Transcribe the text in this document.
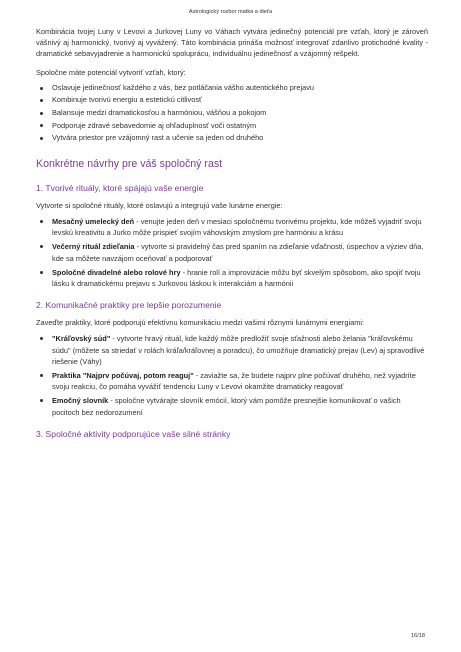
Astrologický rozbor matka a dieťa

Kombinácia tvojej Luny v Levovi a Jurkovej Luny vo Váhach vytvára jedinečný potenciál pre vzťah, ktorý je zároveň vášnivý aj harmonický, tvorivý aj vyvážený. Táto kombinácia prináša možnosť integrovať zdanlivo protichodné kvality - dramatické sebavyjadrenie a harmonickú spoluprácu, individuálnu jedinečnosť a vzájomný rešpekt.

Spoločne máte potenciál vytvoriť vzťah, ktorý:

Oslavuje jedinečnosť každého z vás, bez potláčania vášho autentického prejavu
Kombinuje tvorivú energiu a estetickú citlivosť
Balansuje medzi dramatickosťou a harmóniou, vášňou a pokojom
Podporuje zdravé sebavedomie aj ohľaduplnosť voči ostatným
Vytvára priestor pre vzájomný rast a učenie sa jeden od druhého
Konkrétne návrhy pre váš spoločný rast
1. Tvorivé rituály, ktoré spájajú vaše energie

Vytvorte si spoločné rituály, ktoré oslavujú a integrujú vaše lunárne energie:

Mesačný umelecký deň - venujte jeden deň v mesiaci spoločnému tvorivému projektu, kde môžeš vyjadriť svoju levskú kreativitu a Jurko môže prispieť svojím váhovským zmyslom pre harmóniu a krásu
Večerný rituál zdieľania - vytvorte si pravidelný čas pred spaním na zdieľanie vďačnosti, úspechov a výziev dňa, kde sa môžete navzájom oceňovať a podporovať
Spoločné divadelné alebo rolové hry - hranie rolí a improvizácie môžu byť skvelým spôsobom, ako spojiť tvoju lásku k dramatickému prejavu s Jurkovou láskou k interakciám a harmónii
2. Komunikačné praktiky pre lepšie porozumenie

Zaveďte praktiky, ktoré podporujú efektívnu komunikáciu medzi vašimi rôznymi lunárnymi energiami:

"Kráľovský súd" - vytvorte hravý rituál, kde každý môže predložiť svoje sťažnosti alebo želania "kráľovskému súdu" (môžete sa striedať v rolách kráľa/kráľovnej a poradcu), čo umožňuje dramatický prejav (Lev) aj spravodlivé riešenie (Váhy)
Praktika "Najprv počúvaj, potom reaguj" - zaviažte sa, že budete najprv plne počúvať druhého, než vyjadríte svoju reakciu, čo pomáha vyvážiť tendenciu Luny v Levovi okamžite dramaticky reagovať
Emočný slovník - spoločne vytvárajte slovník emócií, ktorý vám pomôže presnejšie komunikovať o vašich pocitoch bez nedorozumení
3. Spoločné aktivity podporujúce vaše silné stránky
16/18
